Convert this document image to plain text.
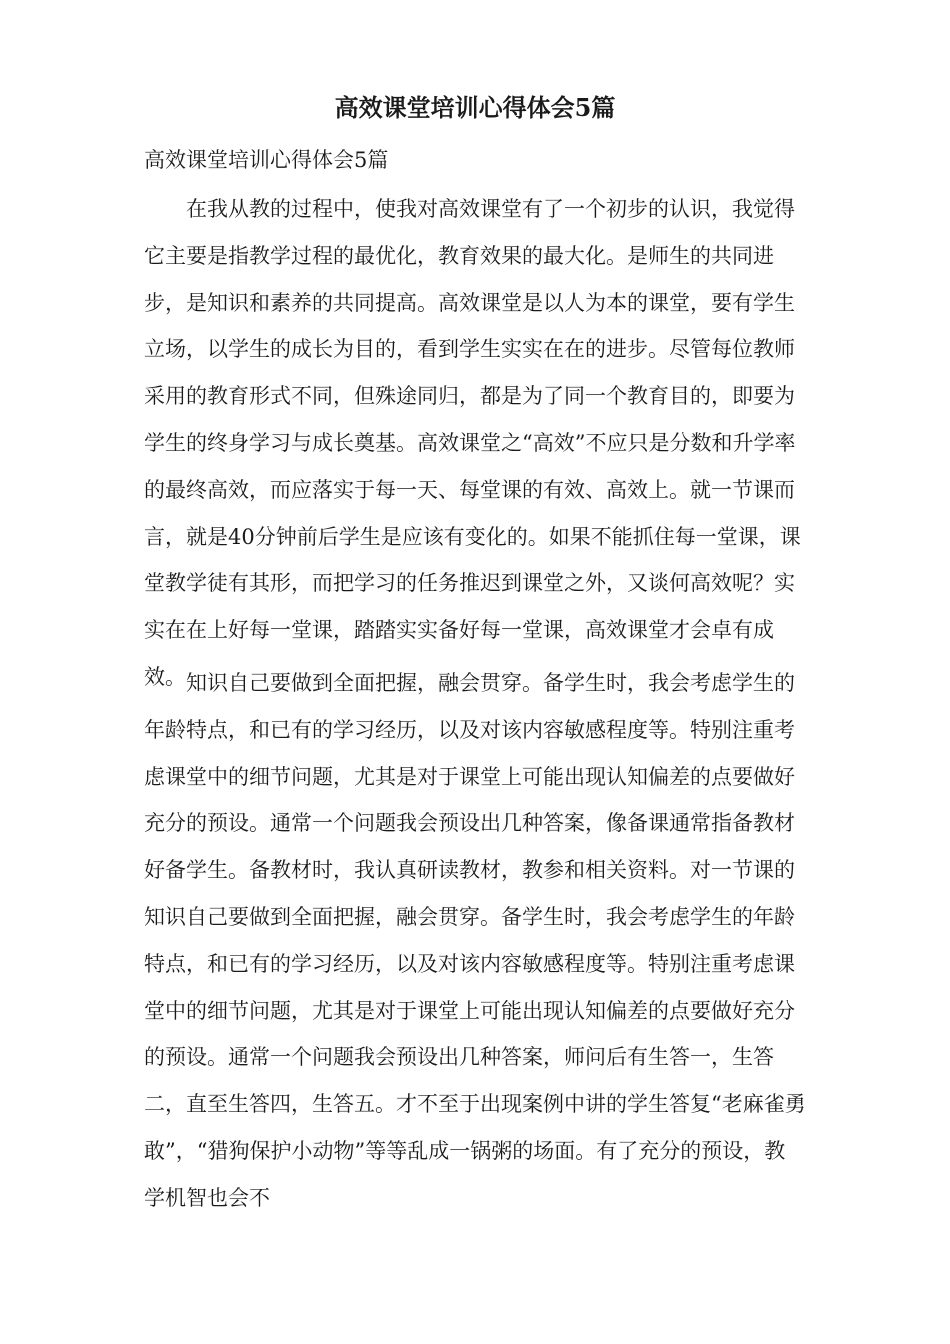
高效课堂培训心得体会5篇

高效课堂培训心得体会5篇

在我从教的过程中，使我对高效课堂有了一个初步的认识，我觉得它主要是指教学过程的最优化，教育效果的最大化。是师生的共同进步，是知识和素养的共同提高。高效课堂是以人为本的课堂，要有学生立场，以学生的成长为目的，看到学生实实在在的进步。尽管每位教师采用的教育形式不同，但殊途同归，都是为了同一个教育目的，即要为学生的终身学习与成长奠基。高效课堂之“高效”不应只是分数和升学率的最终高效，而应落实于每一天、每堂课的有效、高效上。就一节课而言，就是40分钟前后学生是应该有变化的。如果不能抓住每一堂课，课堂教学徒有其形，而把学习的任务推迟到课堂之外，又谈何高效呢？实实在在上好每一堂课，踏踏实实备好每一堂课，高效课堂才会卓有成效。 知识自己要做到全面把握，融会贯穿。备学生时，我会考虑学生的年龄特点，和已有的学习经历，以及对该内容敏感程度等。特别注重考虑课堂中的细节问题，尤其是对于课堂上可能出现认知偏差的点要做好充分的预设。通常一个问题我会预设出几种答案，像备课通常指备教材好备学生。备教材时，我认真研读教材，教参和相关资料。对一节课的知识自己要做到全面把握，融会贯穿。备学生时，我会考虑学生的年龄特点，和已有的学习经历，以及对该内容敏感程度等。特别注重考虑课堂中的细节问题，尤其是对于课堂上可能出现认知偏差的点要做好充分的预设。通常一个问题我会预设出几种答案，师问后有生答一，生答二，直至生答四，生答五。才不至于出现案例中讲的学生答复“老麻雀勇敢”，“猎狗保护小动物”等等乱成一锅粥的场面。有了充分的预设，教学机智也会不
